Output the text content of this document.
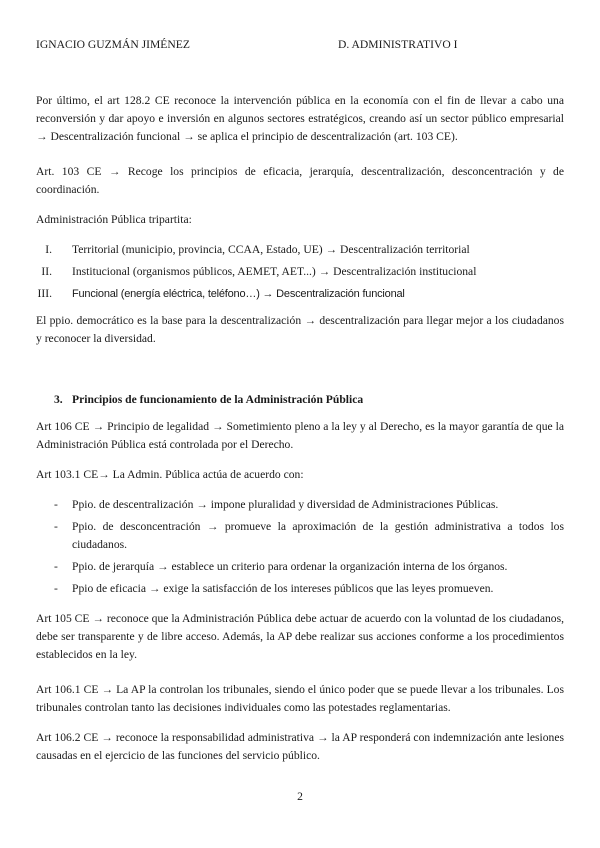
IGNACIO GUZMÁN JIMÉNEZ	D. ADMINISTRATIVO I

Por último, el art 128.2 CE reconoce la intervención pública en la economía con el fin de llevar a cabo una reconversión y dar apoyo e inversión en algunos sectores estratégicos, creando así un sector público empresarial → Descentralización funcional → se aplica el principio de descentralización (art. 103 CE).

Art. 103 CE → Recoge los principios de eficacia, jerarquía, descentralización, desconcentración y de coordinación.

Administración Pública tripartita:

I. Territorial (municipio, provincia, CCAA, Estado, UE) → Descentralización territorial
II. Institucional (organismos públicos, AEMET, AET...) → Descentralización institucional
III. Funcional (energía eléctrica, teléfono…) → Descentralización funcional

El ppio. democrático es la base para la descentralización → descentralización para llegar mejor a los ciudadanos y reconocer la diversidad.

3. Principios de funcionamiento de la Administración Pública

Art 106 CE → Principio de legalidad → Sometimiento pleno a la ley y al Derecho, es la mayor garantía de que la Administración Pública está controlada por el Derecho.

Art 103.1 CE→ La Admin. Pública actúa de acuerdo con:

- Ppio. de descentralización → impone pluralidad y diversidad de Administraciones Públicas.

- Ppio. de desconcentración → promueve la aproximación de la gestión administrativa a todos los ciudadanos.

- Ppio. de jerarquía → establece un criterio para ordenar la organización interna de los órganos.

- Ppio de eficacia → exige la satisfacción de los intereses públicos que las leyes promueven.

Art 105 CE → reconoce que la Administración Pública debe actuar de acuerdo con la voluntad de los ciudadanos, debe ser transparente y de libre acceso. Además, la AP debe realizar sus acciones conforme a los procedimientos establecidos en la ley.

Art 106.1 CE → La AP la controlan los tribunales, siendo el único poder que se puede llevar a los tribunales. Los tribunales controlan tanto las decisiones individuales como las potestades reglamentarias.

Art 106.2 CE → reconoce la responsabilidad administrativa → la AP responderá con indemnización ante lesiones causadas en el ejercicio de las funciones del servicio público.

2
